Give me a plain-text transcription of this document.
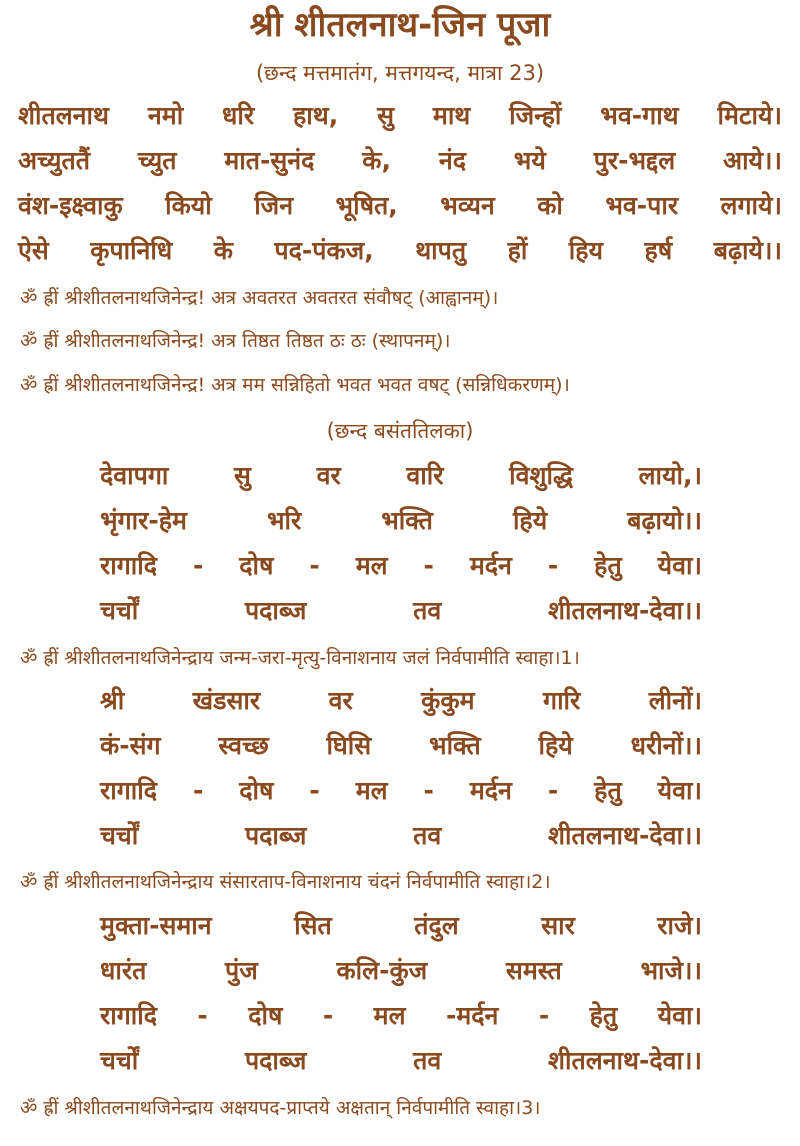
श्री शीतलनाथ-जिन पूजा
(छन्द मत्तमातंग, मत्तगयन्द, मात्रा 23)
शीतलनाथ नमो धरि हाथ, सु माथ जिन्हों भव-गाथ मिटाये।
अच्युततैं च्युत मात-सुनंद के, नंद भये पुर-भद्दल आये।।
वंश-इक्ष्वाकु कियो जिन भूषित, भव्यन को भव-पार लगाये।
ऐसे कृपानिधि के पद-पंकज, थापतु हों हिय हर्ष बढ़ाये।।
ॐ ह्रीं श्रीशीतलनाथजिनेन्द्र! अत्र अवतरत अवतरत संवौषट् (आह्वानम्)।
ॐ ह्रीं श्रीशीतलनाथजिनेन्द्र! अत्र तिष्ठत तिष्ठत ठः ठः (स्थापनम्)।
ॐ ह्रीं श्रीशीतलनाथजिनेन्द्र! अत्र मम सन्निहितो भवत भवत वषट् (सन्निधिकरणम्)।
(छन्द बसंततिलका)
देवापगा	सु	वर	वारि	विशुद्धि	लायो,।
भृंगार-हेम	भरि	भक्ति	हिये	बढ़ायो।।
रागादि - दोष - मल - मर्दन - हेतु येवा।
चर्चों	पदाब्ज	तव	शीतलनाथ-देवा।।
ॐ ह्रीं श्रीशीतलनाथजिनेन्द्राय जन्म-जरा-मृत्यु-विनाशनाय जलं निर्वपामीति स्वाहा।1।
श्री	खंडसार	वर	कुंकुम	गारि	लीनों।
कं-संग स्वच्छ घिसि भक्ति हिये धरीनों।।
रागादि - दोष - मल - मर्दन - हेतु येवा।
चर्चों	पदाब्ज	तव	शीतलनाथ-देवा।।
ॐ ह्रीं श्रीशीतलनाथजिनेन्द्राय संसारताप-विनाशनाय चंदनं निर्वपामीति स्वाहा।2।
मुक्ता-समान	सित	तंदुल	सार	राजे।
धारंत	पुंज	कलि-कुंज	समस्त	भाजे।।
रागादि - दोष - मल -मर्दन - हेतु येवा।
चर्चों	पदाब्ज	तव	शीतलनाथ-देवा।।
ॐ ह्रीं श्रीशीतलनाथजिनेन्द्राय अक्षयपद-प्राप्तये अक्षतान् निर्वपामीति स्वाहा।3।
